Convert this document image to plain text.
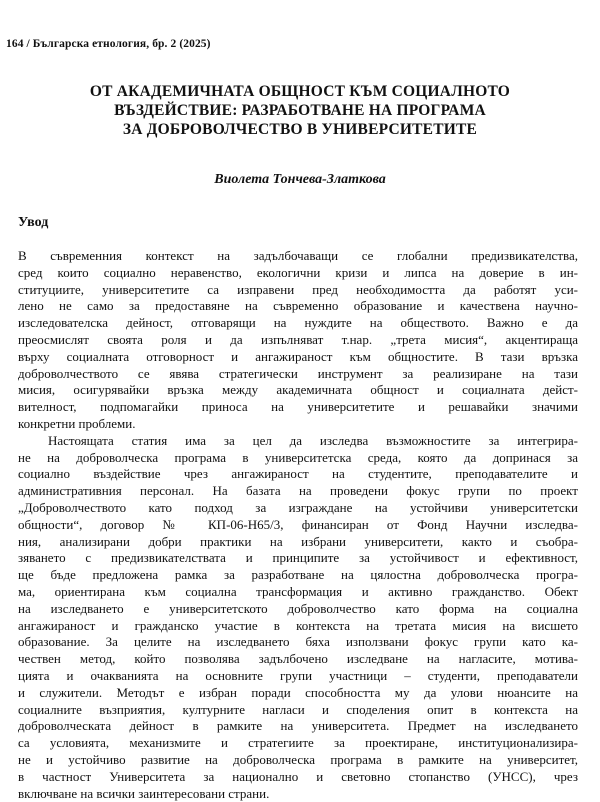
164 / Българска етнология, бр. 2 (2025)
ОТ АКАДЕМИЧНАТА ОБЩНОСТ КЪМ СОЦИАЛНОТО
ВЪЗДЕЙСТВИЕ: РАЗРАБОТВАНЕ НА ПРОГРАМА
ЗА ДОБРОВОЛЧЕСТВО В УНИВЕРСИТЕТИТЕ
Виолета Тончева-Златкова
Увод
В съвременния контекст на задълбочаващи се глобални предизвикателства,
сред които социално неравенство, екологични кризи и липса на доверие в ин-
ституциите, университетите са изправени пред необходимостта да работят уси-
лено не само за предоставяне на съвременно образование и качествена научно-
изследователска дейност, отговарящи на нуждите на обществото. Важно е да
преосмислят своята роля и да изпълняват т.нар. „трета мисия“, акцентираща
върху социалната отговорност и ангажираност към общностите. В тази връзка
доброволчеството се явява стратегически инструмент за реализиране на тази
мисия, осигурявайки връзка между академичната общност и социалната дейст-
вителност, подпомагайки приноса на университетите и решавайки значими
конкретни проблеми.
Настоящата статия има за цел да изследва възможностите за интегрира-
не на доброволческа програма в университетска среда, която да допринася за
социално въздействие чрез ангажираност на студентите, преподавателите и
административния персонал. На базата на проведени фокус групи по проект
„Доброволчеството като подход за изграждане на устойчиви университетски
общности“, договор № КП-06-Н65/3, финансиран от Фонд Научни изследва-
ния, анализирани добри практики на избрани университети, както и съобра-
зяването с предизвикателствата и принципите за устойчивост и ефективност,
ще бъде предложена рамка за разработване на цялостна доброволческа програ-
ма, ориентирана към социална трансформация и активно гражданство. Обект
на изследването е университетското доброволчество като форма на социална
ангажираност и гражданско участие в контекста на третата мисия на висшето
образование. За целите на изследването бяха използвани фокус групи като ка-
чествен метод, който позволява задълбочено изследване на нагласите, мотива-
цията и очакванията на основните групи участници – студенти, преподаватели
и служители. Методът е избран поради способността му да улови нюансите на
социалните възприятия, културните нагласи и споделения опит в контекста на
доброволческата дейност в рамките на университета. Предмет на изследването
са условията, механизмите и стратегиите за проектиране, институционализира-
не и устойчиво развитие на доброволческа програма в рамките на университет,
в частност Университета за национално и световно стопанство (УНСС), чрез
включване на всички заинтересовани страни.
